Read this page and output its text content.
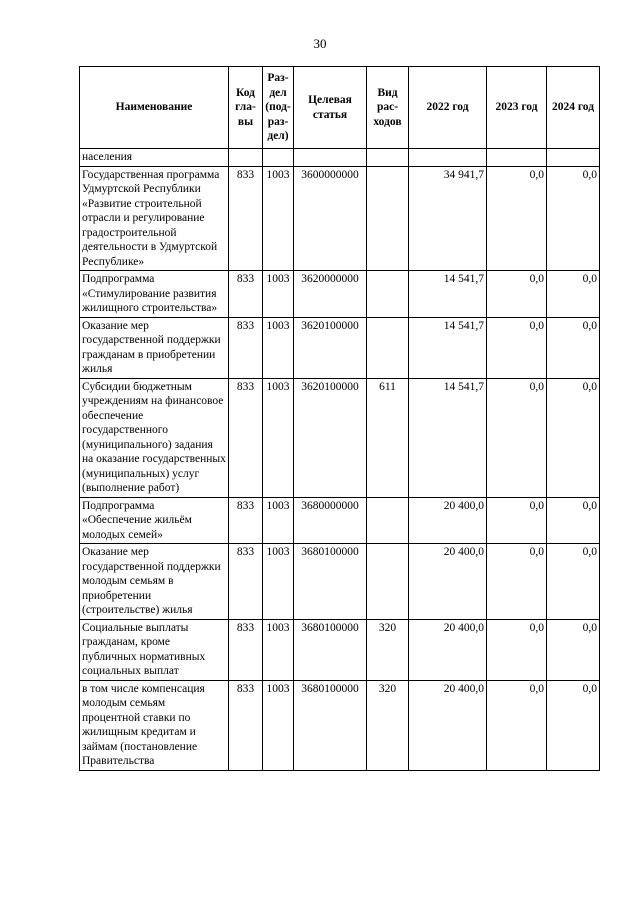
30
Наименование	Код гла- вы	Раз- дел (под- раз- дел)	Целевая статья	Вид рас- ходов	2022 год	2023 год	2024 год
населения							
Государственная программа Удмуртской Республики «Развитие строительной отрасли и регулирование градостроительной деятельности в Удмуртской Республике»	833	1003	3600000000		34 941,7	0,0	0,0
Подпрограмма «Стимулирование развития жилищного строительства»	833	1003	3620000000		14 541,7	0,0	0,0
Оказание мер государственной поддержки гражданам в приобретении жилья	833	1003	3620100000		14 541,7	0,0	0,0
Субсидии бюджетным учреждениям на финансовое обеспечение государственного (муниципального) задания на оказание государственных (муниципальных) услуг (выполнение работ)	833	1003	3620100000	611	14 541,7	0,0	0,0
Подпрограмма «Обеспечение жильём молодых семей»	833	1003	3680000000		20 400,0	0,0	0,0
Оказание мер государственной поддержки молодым семьям в приобретении (строительстве) жилья	833	1003	3680100000		20 400,0	0,0	0,0
Социальные выплаты гражданам, кроме публичных нормативных социальных выплат	833	1003	3680100000	320	20 400,0	0,0	0,0
в том числе компенсация молодым семьям процентной ставки по жилищным кредитам и займам (постановление Правительства	833	1003	3680100000	320	20 400,0	0,0	0,0
